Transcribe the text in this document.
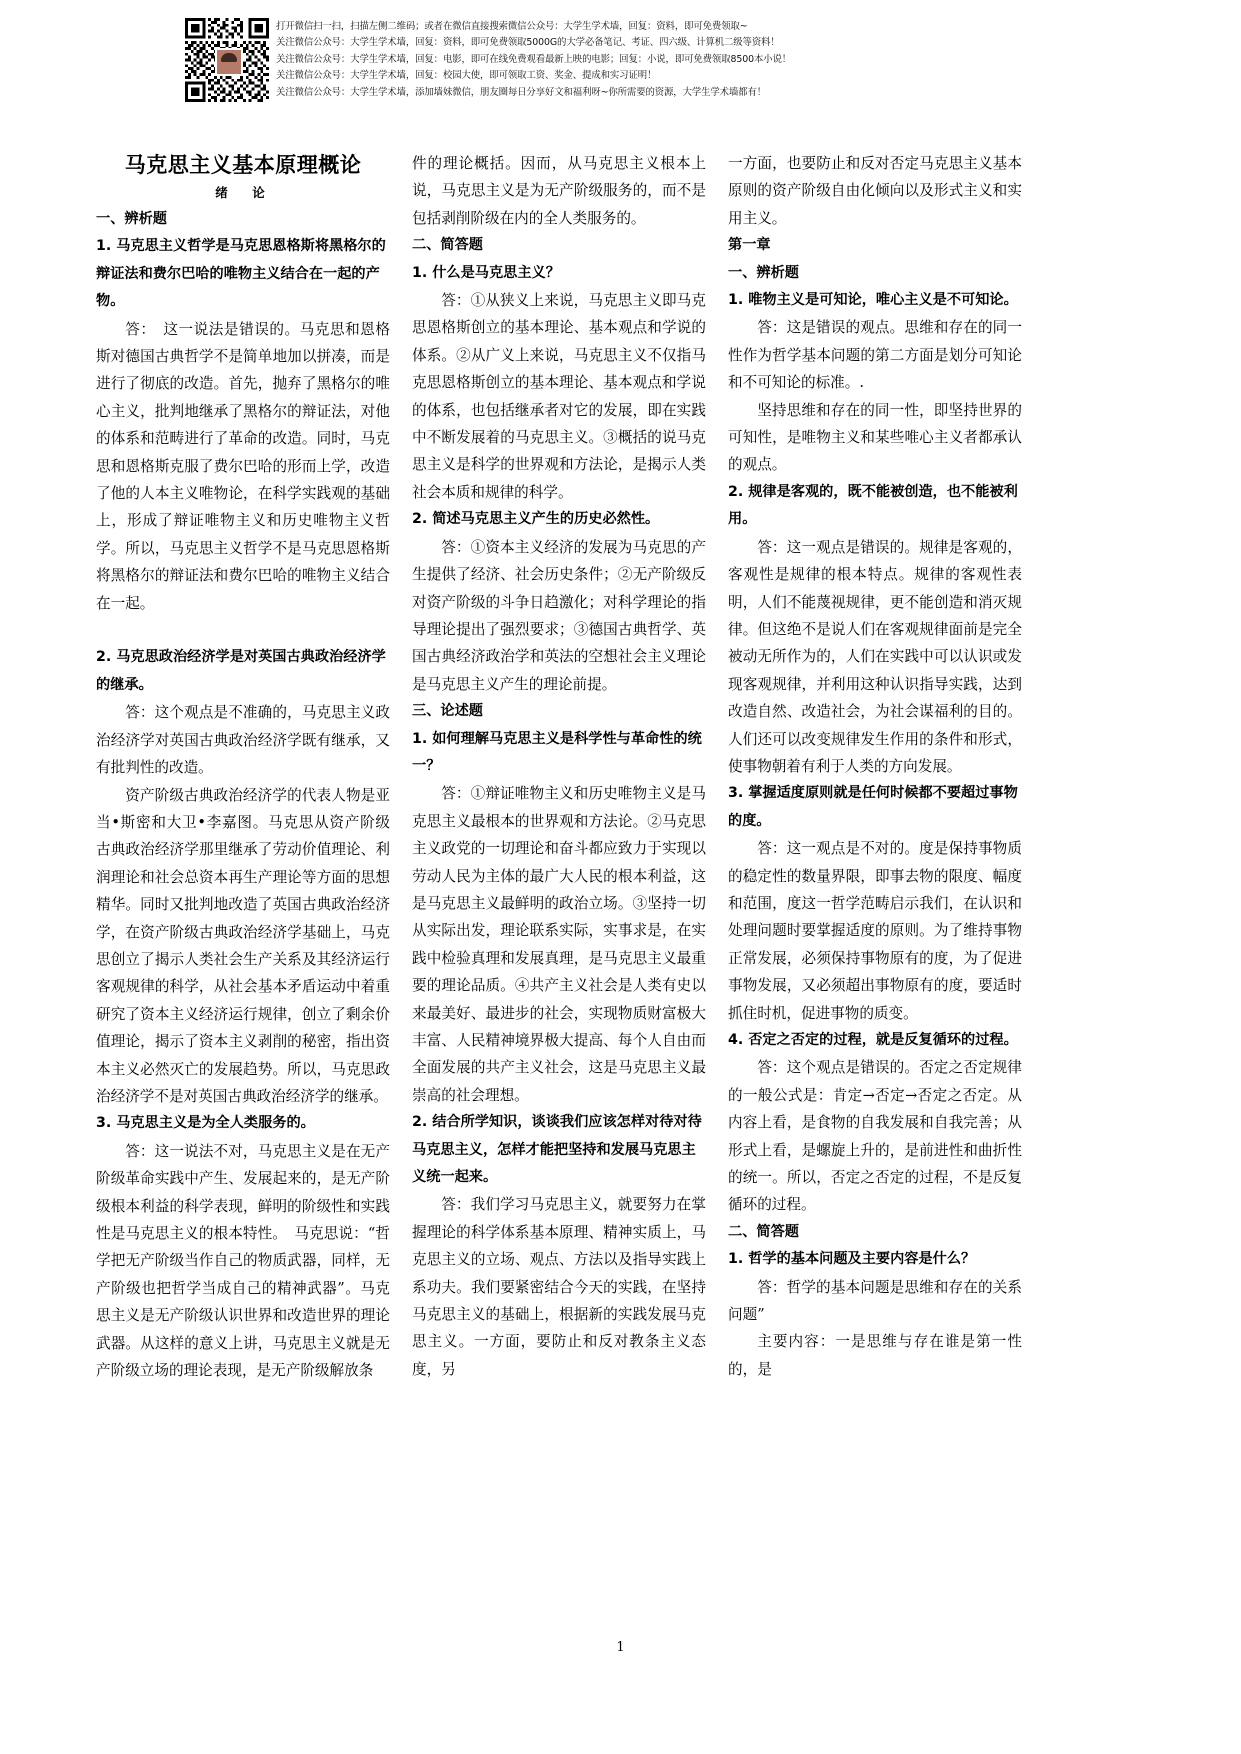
打开微信扫一扫，扫描左侧二维码；或者在微信直接搜索微信公众号：大学生学术墙，回复：资料，即可免费领取~
关注微信公众号：大学生学术墙，回复：资料，即可免费领取5000G的大学必备笔记、考证、四六级、计算机二级等资料！
关注微信公众号：大学生学术墙，回复：电影，即可在线免费观看最新上映的电影；回复：小说，即可免费领取8500本小说！
关注微信公众号：大学生学术墙，回复：校园大使，即可领取工资、奖金、提成和实习证明！
关注微信公众号：大学生学术墙，添加墙妹微信，朋友圈每日分享好文和福利呀~你所需要的资源，大学生学术墙都有！
马克思主义基本原理概论
绪　论

一、辨析题

1. 马克思主义哲学是马克思恩格斯将黑格尔的辩证法和费尔巴哈的唯物主义结合在一起的产物。

答：　这一说法是错误的。马克思和恩格斯对德国古典哲学不是简单地加以拼凑，而是进行了彻底的改造。首先，抛弃了黑格尔的唯心主义，批判地继承了黑格尔的辩证法，对他的体系和范畴进行了革命的改造。同时，马克思和恩格斯克服了费尔巴哈的形而上学，改造了他的人本主义唯物论，在科学实践观的基础上，形成了辩证唯物主义和历史唯物主义哲学。所以，马克思主义哲学不是马克思恩格斯将黑格尔的辩证法和费尔巴哈的唯物主义结合在一起。

2. 马克思政治经济学是对英国古典政治经济学的继承。

答：这个观点是不准确的，马克思主义政治经济学对英国古典政治经济学既有继承，又有批判性的改造。

资产阶级古典政治经济学的代表人物是亚当•斯密和大卫•李嘉图。马克思从资产阶级古典政治经济学那里继承了劳动价值理论、利润理论和社会总资本再生产理论等方面的思想精华。同时又批判地改造了英国古典政治经济学，在资产阶级古典政治经济学基础上，马克思创立了揭示人类社会生产关系及其经济运行客观规律的科学，从社会基本矛盾运动中着重研究了资本主义经济运行规律，创立了剩余价值理论，揭示了资本主义剥削的秘密，指出资本主义必然灭亡的发展趋势。所以，马克思政治经济学不是对英国古典政治经济学的继承。

3. 马克思主义是为全人类服务的。

答：这一说法不对，马克思主义是在无产阶级革命实践中产生、发展起来的，是无产阶级根本利益的科学表现，鲜明的阶级性和实践性是马克思主义的根本特性。　马克思说：“哲学把无产阶级当作自己的物质武器，同样，无产阶级也把哲学当成自己的精神武器”。马克思主义是无产阶级认识世界和改造世界的理论武器。从这样的意义上讲，马克思主义就是无产阶级立场的理论表现，是无产阶级解放条

件的理论概括。因而，从马克思主义根本上说，马克思主义是为无产阶级服务的，而不是包括剥削阶级在内的全人类服务的。

二、简答题

1. 什么是马克思主义？

答：①从狭义上来说，马克思主义即马克思恩格斯创立的基本理论、基本观点和学说的体系。②从广义上来说，马克思主义不仅指马克思恩格斯创立的基本理论、基本观点和学说的体系，也包括继承者对它的发展，即在实践中不断发展着的马克思主义。③概括的说马克思主义是科学的世界观和方法论，是揭示人类社会本质和规律的科学。

2. 简述马克思主义产生的历史必然性。

答：①资本主义经济的发展为马克思的产生提供了经济、社会历史条件；②无产阶级反对资产阶级的斗争日趋激化；对科学理论的指导理论提出了强烈要求；③德国古典哲学、英国古典经济政治学和英法的空想社会主义理论是马克思主义产生的理论前提。

三、论述题

1. 如何理解马克思主义是科学性与革命性的统一？

答：①辩证唯物主义和历史唯物主义是马克思主义最根本的世界观和方法论。②马克思主义政党的一切理论和奋斗都应致力于实现以劳动人民为主体的最广大人民的根本利益，这是马克思主义最鲜明的政治立场。③坚持一切从实际出发，理论联系实际，实事求是，在实践中检验真理和发展真理，是马克思主义最重要的理论品质。④共产主义社会是人类有史以来最美好、最进步的社会，实现物质财富极大丰富、人民精神境界极大提高、每个人自由而全面发展的共产主义社会，这是马克思主义最崇高的社会理想。

2. 结合所学知识，谈谈我们应该怎样对待对待马克思主义，怎样才能把坚持和发展马克思主义统一起来。

答：我们学习马克思主义，就要努力在掌握理论的科学体系基本原理、精神实质上，马克思主义的立场、观点、方法以及指导实践上系功夫。我们要紧密结合今天的实践，在坚持马克思主义的基础上，根据新的实践发展马克思主义。一方面，要防止和反对教条主义态度，另

一方面，也要防止和反对否定马克思主义基本原则的资产阶级自由化倾向以及形式主义和实用主义。

第一章

一、辨析题

1. 唯物主义是可知论，唯心主义是不可知论。

答：这是错误的观点。思维和存在的同一性作为哲学基本问题的第二方面是划分可知论和不可知论的标准。.

坚持思维和存在的同一性，即坚持世界的可知性，是唯物主义和某些唯心主义者都承认的观点。

2. 规律是客观的，既不能被创造，也不能被利用。

答：这一观点是错误的。规律是客观的，客观性是规律的根本特点。规律的客观性表明，人们不能蔑视规律，更不能创造和消灭规律。但这绝不是说人们在客观规律面前是完全被动无所作为的，人们在实践中可以认识或发现客观规律，并利用这种认识指导实践，达到改造自然、改造社会，为社会谋福利的目的。人们还可以改变规律发生作用的条件和形式，使事物朝着有利于人类的方向发展。

3. 掌握适度原则就是任何时候都不要超过事物的度。

答：这一观点是不对的。度是保持事物质的稳定性的数量界限，即事去物的限度、幅度和范围，度这一哲学范畴启示我们，在认识和处理问题时要掌握适度的原则。为了维持事物正常发展，必须保持事物原有的度，为了促进事物发展，又必须超出事物原有的度，要适时抓住时机，促进事物的质变。

4. 否定之否定的过程，就是反复循环的过程。

答：这个观点是错误的。否定之否定规律的一般公式是：肯定→否定→否定之否定。从内容上看，是食物的自我发展和自我完善；从形式上看，是螺旋上升的，是前进性和曲折性的统一。所以，否定之否定的过程，不是反复循环的过程。

二、简答题

1. 哲学的基本问题及主要内容是什么？

答：哲学的基本问题是思维和存在的关系问题”

主要内容：一是思维与存在谁是第一性的，是

1
